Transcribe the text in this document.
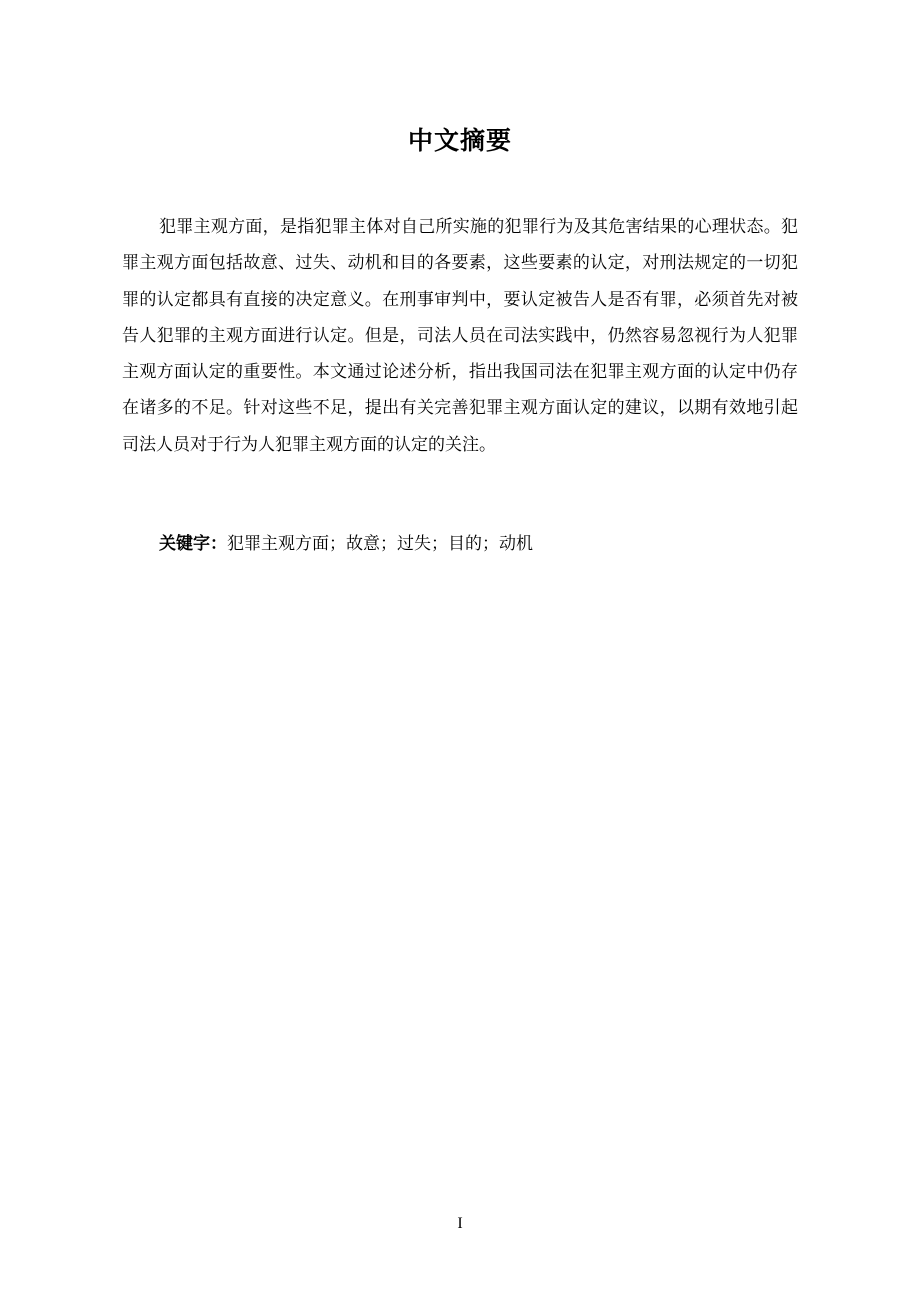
中文摘要

犯罪主观方面，是指犯罪主体对自己所实施的犯罪行为及其危害结果的心理状态。犯罪主观方面包括故意、过失、动机和目的各要素，这些要素的认定，对刑法规定的一切犯罪的认定都具有直接的决定意义。在刑事审判中，要认定被告人是否有罪，必须首先对被告人犯罪的主观方面进行认定。但是，司法人员在司法实践中，仍然容易忽视行为人犯罪主观方面认定的重要性。本文通过论述分析，指出我国司法在犯罪主观方面的认定中仍存在诸多的不足。针对这些不足，提出有关完善犯罪主观方面认定的建议，以期有效地引起司法人员对于行为人犯罪主观方面的认定的关注。

关键字：犯罪主观方面；故意；过失；目的；动机
I
